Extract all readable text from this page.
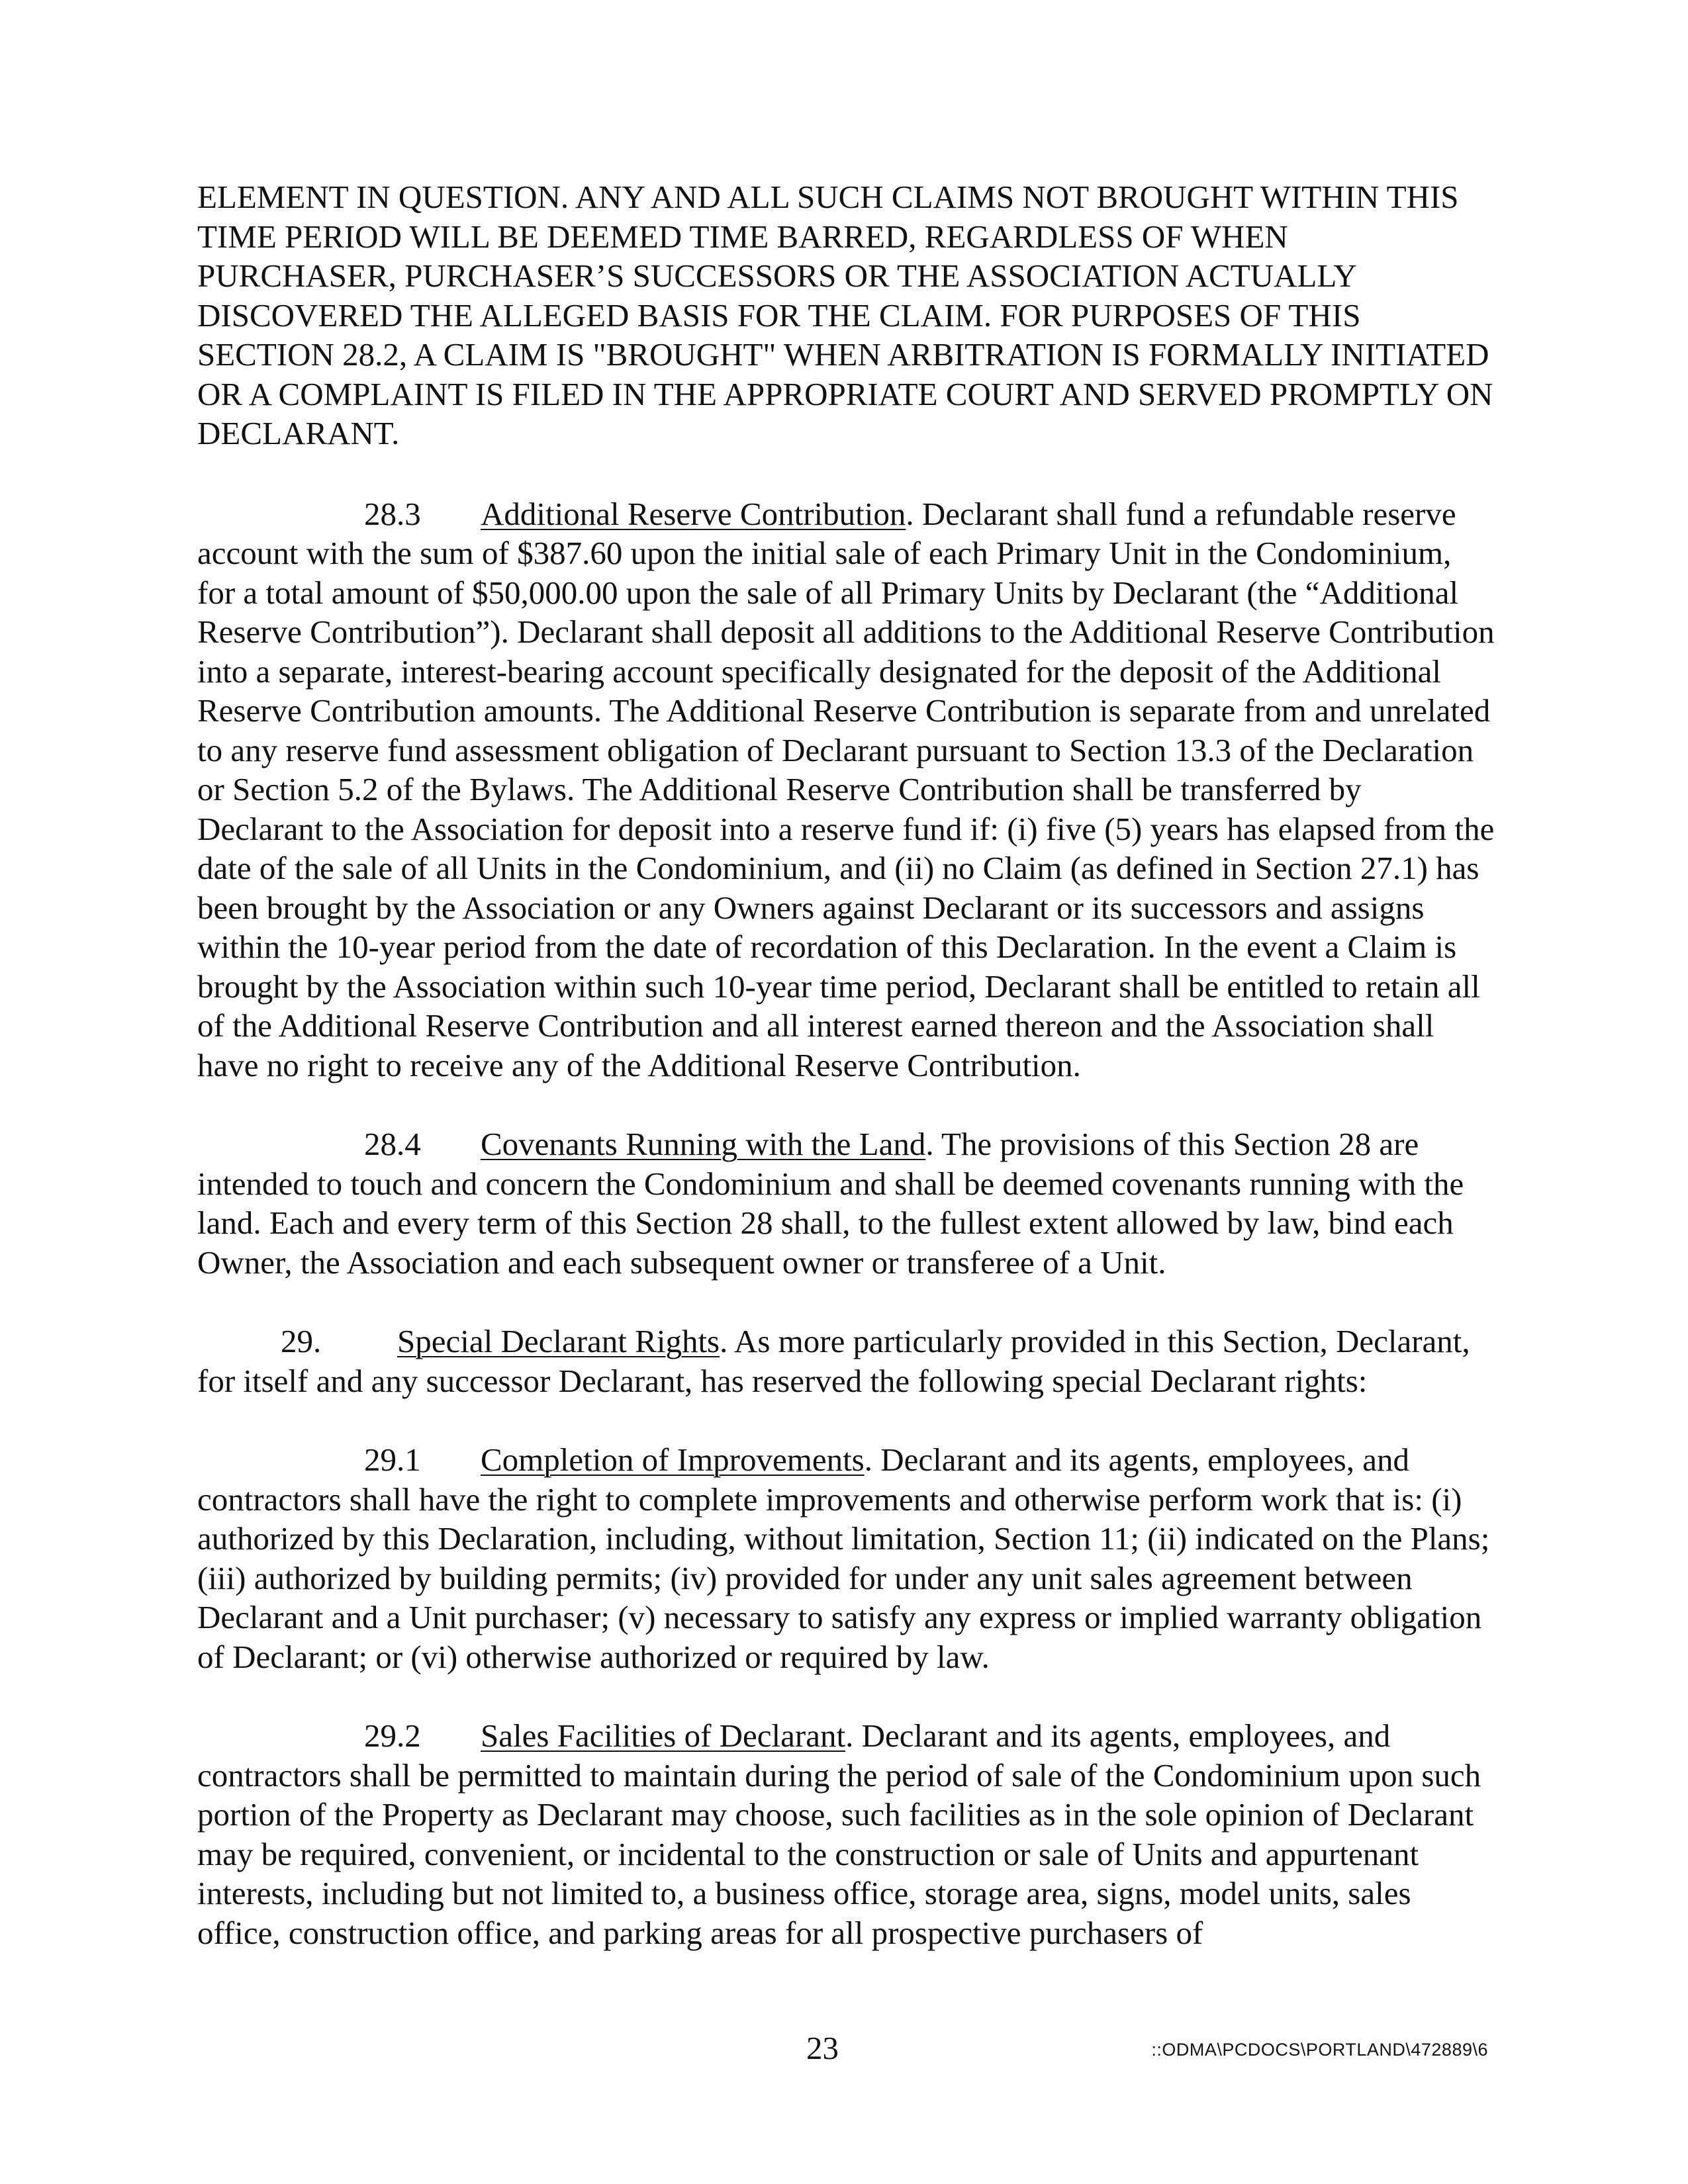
ELEMENT IN QUESTION. ANY AND ALL SUCH CLAIMS NOT BROUGHT WITHIN THIS TIME PERIOD WILL BE DEEMED TIME BARRED, REGARDLESS OF WHEN PURCHASER, PURCHASER’S SUCCESSORS OR THE ASSOCIATION ACTUALLY DISCOVERED THE ALLEGED BASIS FOR THE CLAIM. FOR PURPOSES OF THIS SECTION 28.2, A CLAIM IS "BROUGHT" WHEN ARBITRATION IS FORMALLY INITIATED OR A COMPLAINT IS FILED IN THE APPROPRIATE COURT AND SERVED PROMPTLY ON DECLARANT.

28.3 Additional Reserve Contribution. Declarant shall fund a refundable reserve account with the sum of $387.60 upon the initial sale of each Primary Unit in the Condominium, for a total amount of $50,000.00 upon the sale of all Primary Units by Declarant (the “Additional Reserve Contribution”). Declarant shall deposit all additions to the Additional Reserve Contribution into a separate, interest-bearing account specifically designated for the deposit of the Additional Reserve Contribution amounts. The Additional Reserve Contribution is separate from and unrelated to any reserve fund assessment obligation of Declarant pursuant to Section 13.3 of the Declaration or Section 5.2 of the Bylaws. The Additional Reserve Contribution shall be transferred by Declarant to the Association for deposit into a reserve fund if: (i) five (5) years has elapsed from the date of the sale of all Units in the Condominium, and (ii) no Claim (as defined in Section 27.1) has been brought by the Association or any Owners against Declarant or its successors and assigns within the 10-year period from the date of recordation of this Declaration. In the event a Claim is brought by the Association within such 10-year time period, Declarant shall be entitled to retain all of the Additional Reserve Contribution and all interest earned thereon and the Association shall have no right to receive any of the Additional Reserve Contribution.

28.4 Covenants Running with the Land. The provisions of this Section 28 are intended to touch and concern the Condominium and shall be deemed covenants running with the land. Each and every term of this Section 28 shall, to the fullest extent allowed by law, bind each Owner, the Association and each subsequent owner or transferee of a Unit.

29. Special Declarant Rights. As more particularly provided in this Section, Declarant, for itself and any successor Declarant, has reserved the following special Declarant rights:

29.1 Completion of Improvements. Declarant and its agents, employees, and contractors shall have the right to complete improvements and otherwise perform work that is: (i) authorized by this Declaration, including, without limitation, Section 11; (ii) indicated on the Plans; (iii) authorized by building permits; (iv) provided for under any unit sales agreement between Declarant and a Unit purchaser; (v) necessary to satisfy any express or implied warranty obligation of Declarant; or (vi) otherwise authorized or required by law.

29.2 Sales Facilities of Declarant. Declarant and its agents, employees, and contractors shall be permitted to maintain during the period of sale of the Condominium upon such portion of the Property as Declarant may choose, such facilities as in the sole opinion of Declarant may be required, convenient, or incidental to the construction or sale of Units and appurtenant interests, including but not limited to, a business office, storage area, signs, model units, sales office, construction office, and parking areas for all prospective purchasers of

23	::ODMA\PCDOCS\PORTLAND\472889\6
